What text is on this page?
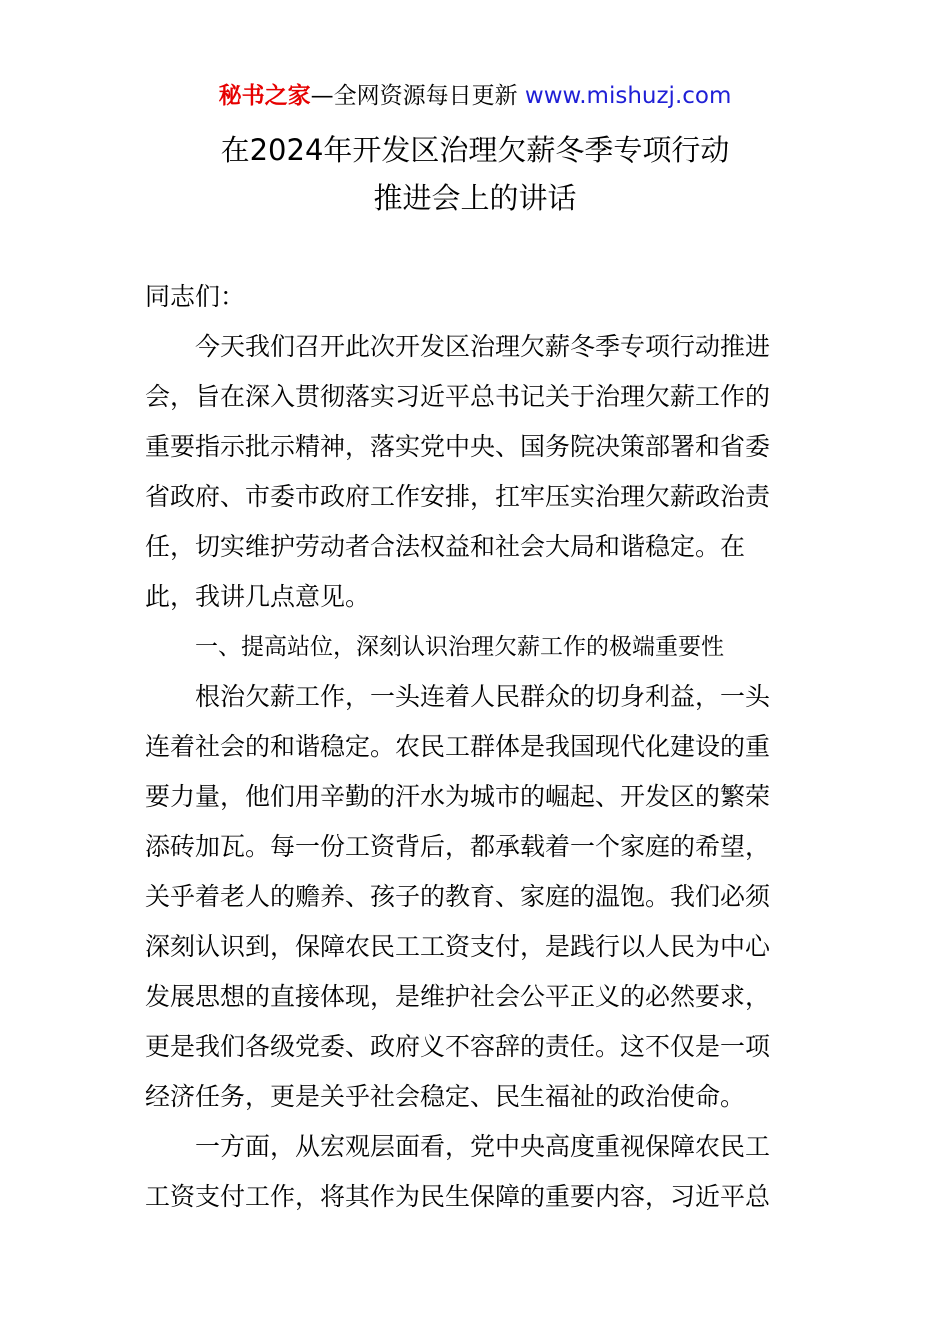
秘书之家—全网资源每日更新 www.mishuzj.com
在2024年开发区治理欠薪冬季专项行动
推进会上的讲话
同志们：
今天我们召开此次开发区治理欠薪冬季专项行动推进
会，旨在深入贯彻落实习近平总书记关于治理欠薪工作的
重要指示批示精神，落实党中央、国务院决策部署和省委
省政府、市委市政府工作安排，扛牢压实治理欠薪政治责
任，切实维护劳动者合法权益和社会大局和谐稳定。在
此，我讲几点意见。
一、提高站位，深刻认识治理欠薪工作的极端重要性
根治欠薪工作，一头连着人民群众的切身利益，一头
连着社会的和谐稳定。农民工群体是我国现代化建设的重
要力量，他们用辛勤的汗水为城市的崛起、开发区的繁荣
添砖加瓦。每一份工资背后，都承载着一个家庭的希望，
关乎着老人的赡养、孩子的教育、家庭的温饱。我们必须
深刻认识到，保障农民工工资支付，是践行以人民为中心
发展思想的直接体现，是维护社会公平正义的必然要求，
更是我们各级党委、政府义不容辞的责任。这不仅是一项
经济任务，更是关乎社会稳定、民生福祉的政治使命。
一方面，从宏观层面看，党中央高度重视保障农民工
工资支付工作，将其作为民生保障的重要内容，习近平总
